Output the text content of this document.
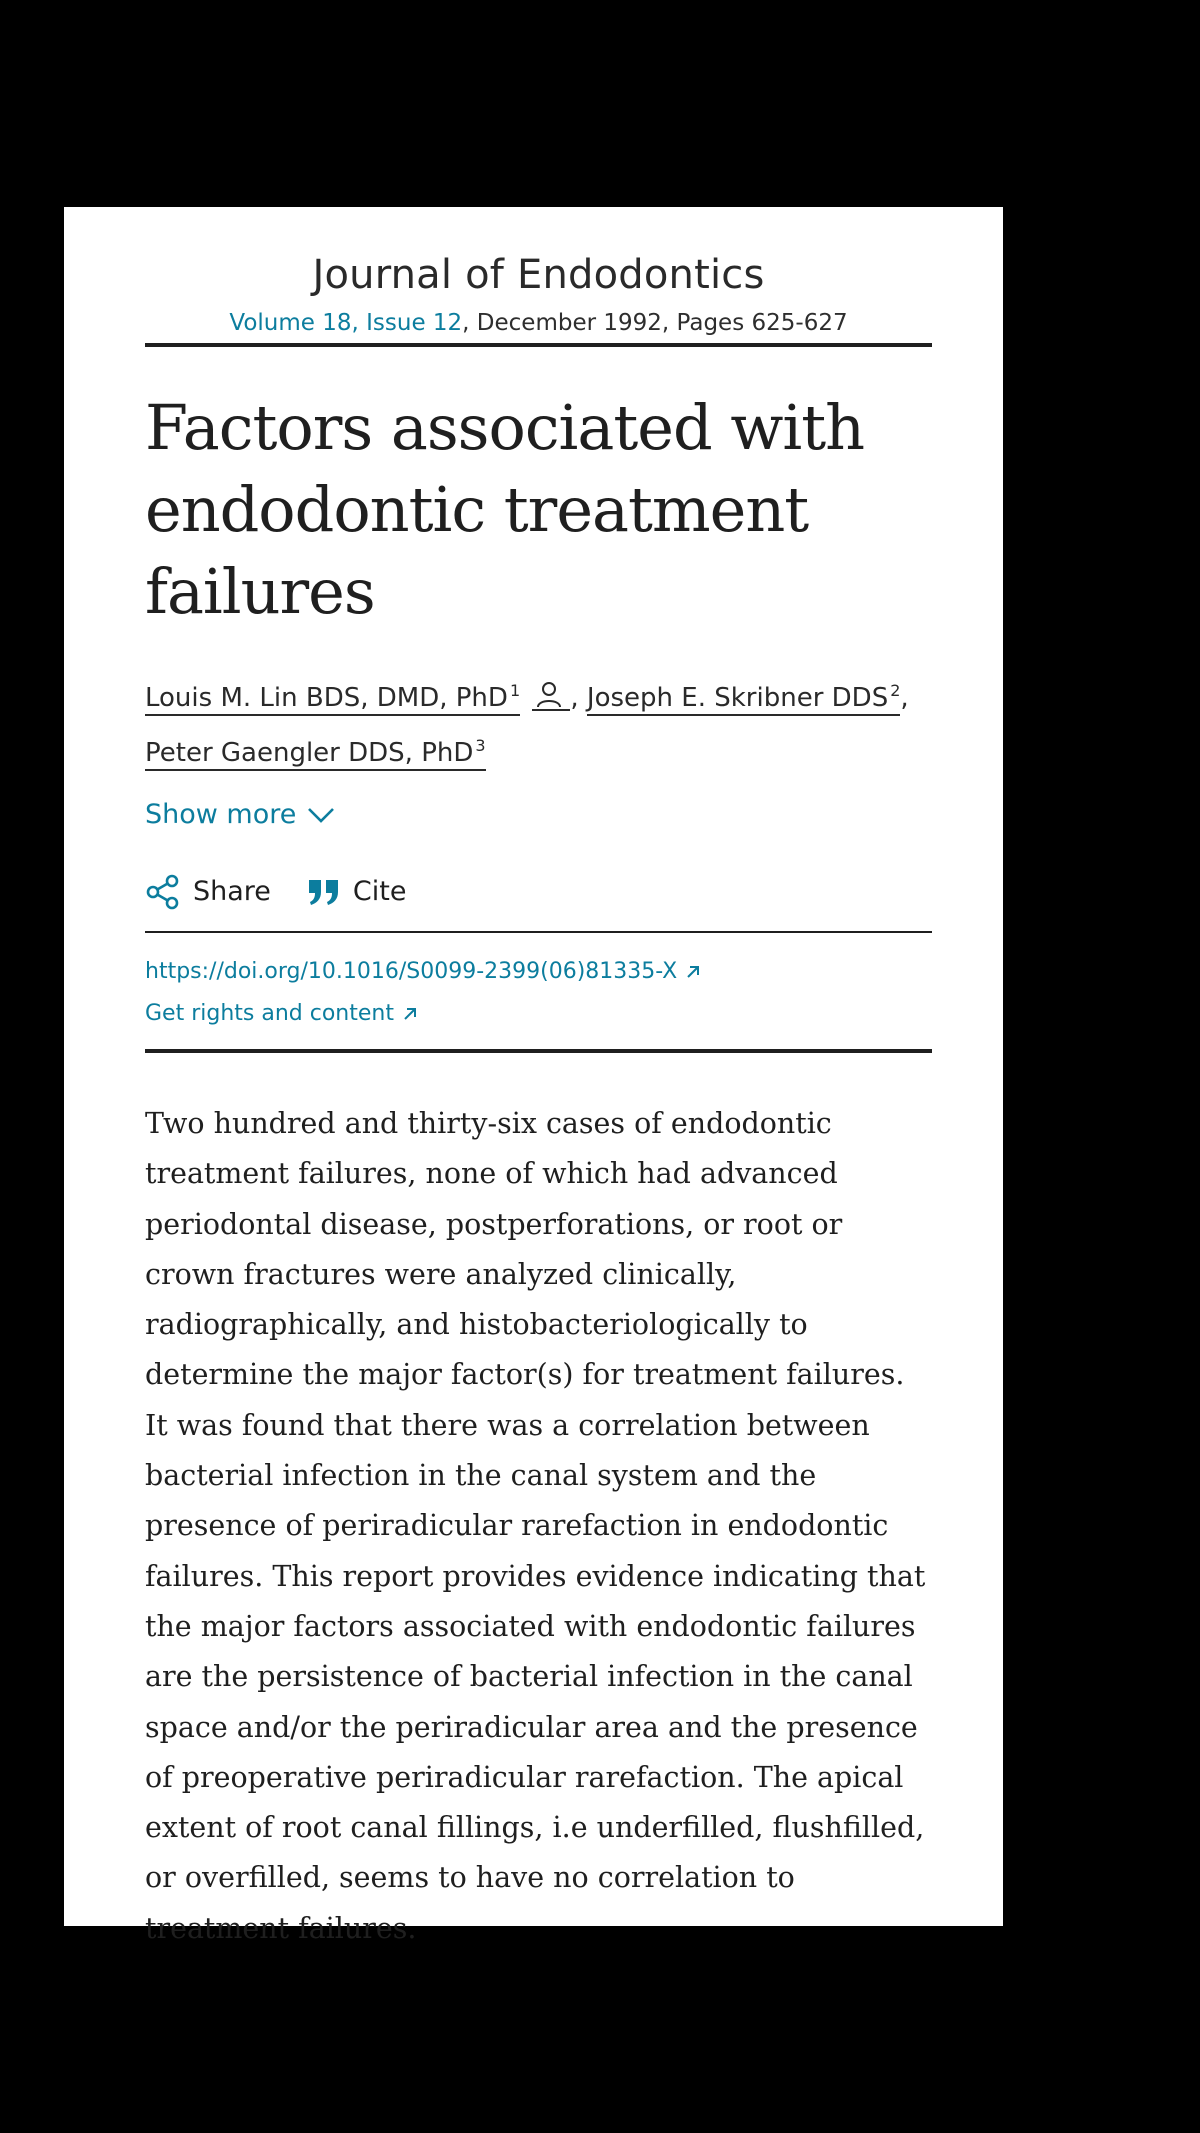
Journal of Endodontics
Volume 18, Issue 12, December 1992, Pages 625-627
Factors associated with endodontic treatment failures
Louis M. Lin BDS, DMD, PhD $^1$ , Joseph E. Skribner DDS $^2$,
Peter Gaengler DDS, PhD $^3$
Show more
Share	Cite
https://doi.org/10.1016/S0099-2399(06)81335-X
Get rights and content

Two hundred and thirty-six cases of endodontic treatment failures, none of which had advanced periodontal disease, postperforations, or root or crown fractures were analyzed clinically, radiographically, and histobacteriologically to determine the major factor(s) for treatment failures. It was found that there was a correlation between bacterial infection in the canal system and the presence of periradicular rarefaction in endodontic failures. This report provides evidence indicating that the major factors associated with endodontic failures are the persistence of bacterial infection in the canal space and/or the periradicular area and the presence of preoperative periradicular rarefaction. The apical extent of root canal fillings, i.e underfilled, flushfilled, or overfilled, seems to have no correlation to treatment failures.
